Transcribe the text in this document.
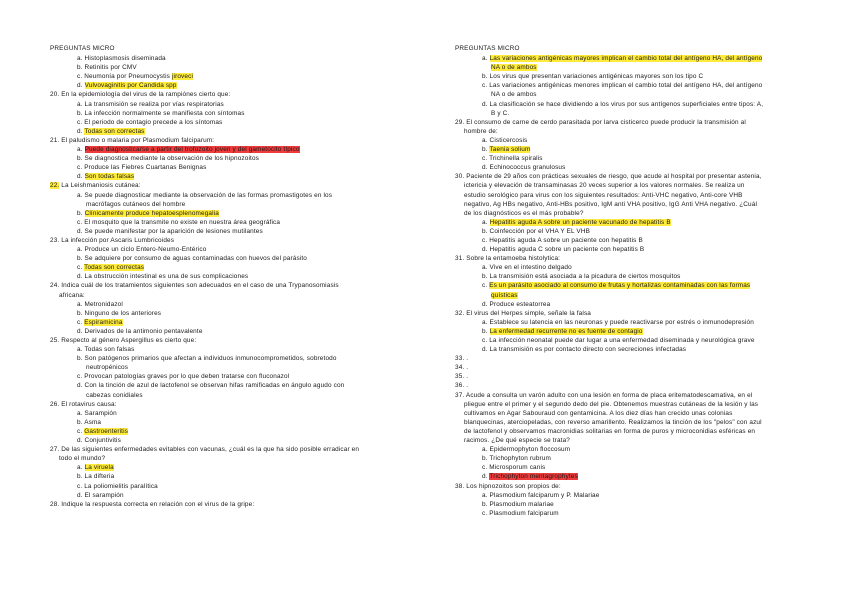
PREGUNTAS MICRO
a. Histoplasmosis diseminada
b. Retinitis por CMV
c. Neumonía por Pneumocystis jiroveci
d. Vulvovaginitis por Candida spp
20. En la epidemiología del virus de la rampiónes cierto que:
a. La transmisión se realiza por vías respiratorias
b. La infección normalmente se manifiesta con síntomas
c. El periodo de contagio precede a los síntomas
d. Todas son correctas
21. El paludismo o malaria por Plasmodium falciparum:
a. Puede diagnosticarse a partir del trofozoito joven y del gametocito típico
b. Se diagnostica mediante la observación de los hipnozoitos
c. Produce las Fiebres Cuartanas Benignas
d. Son todas falsas
22. La Leishmaniosis cutánea:
a. Se puede diagnosticar mediante la observación de las formas promastigotes en los
macrófagos cutáneos del hombre
b. Clínicamente produce hepatoesplenomegalia
c. El mosquito que la transmite no existe en nuestra área geográfica
d. Se puede manifestar por la aparición de lesiones mutilantes
23. La infección por Ascaris Lumbricoides
a. Produce un ciclo Entero-Neumo-Entérico
b. Se adquiere por consumo de aguas contaminadas con huevos del parásito
c. Todas son correctas
d. La obstrucción intestinal es una de sus complicaciones
24. Indica cuál de los tratamientos siguientes son adecuados en el caso de una Trypanosomiasis
africana:
a. Metronidazol
b. Ninguno de los anteriores
c. Espiramicina
d. Derivados de la antimonio pentavalente
25. Respecto al género Aspergillus es cierto que:
a. Todas son falsas
b. Son patógenos primarios que afectan a individuos inmunocomprometidos, sobretodo
neutropénicos
c. Provocan patologías graves por lo que deben tratarse con fluconazol
d. Con la tinción de azul de lactofenol se observan hifas ramificadas en ángulo agudo con
cabezas conidiales
26. El rotavirus causa:
a. Sarampión
b. Asma
c. Gastroenteritis
d. Conjuntivitis
27. De las siguientes enfermedades evitables con vacunas, ¿cuál es la que ha sido posible erradicar en
todo el mundo?
a. La viruela
b. La difteria
c. La poliomielitis paralítica
d. El sarampión
28. Indique la respuesta correcta en relación con el virus de la gripe:
PREGUNTAS MICRO
a. Las variaciones antigénicas mayores implican el cambio total del antígeno HA, del antígeno
NA o de ambos
b. Los virus que presentan variaciones antigénicas mayores son los tipo C
c. Las variaciones antigénicas menores implican el cambio total del antígeno HA, del antígeno
NA o de ambos
d. La clasificación se hace dividiendo a los virus por sus antígenos superficiales entre tipos: A,
B y C.
29. El consumo de carne de cerdo parasitada por larva cisticerco puede producir la transmisión al
hombre de:
a. Cisticercosis
b. Taenia solium
c. Trichinella spiralis
d. Echinococcus granulosus
30. Paciente de 29 años con prácticas sexuales de riesgo, que acude al hospital por presentar astenia,
ictericia y elevación de transaminasas 20 veces superior a los valores normales. Se realiza un
estudio serológico para virus con los siguientes resultados: Anti-VHC negativo, Anti-core VHB
negativo, Ag HBs negativo, Anti-HBs positivo, IgM anti VHA positivo, IgG Anti VHA negativo. ¿Cuál
de los diagnósticos es el más probable?
a. Hepatitis aguda A sobre un paciente vacunado de hepatitis B
b. Coinfección por el VHA Y EL VHB
c. Hepatitis aguda A sobre un paciente con hepatitis B
d. Hepatitis aguda C sobre un paciente con hepatitis B
31. Sobre la entamoeba histolytica:
a. Vive en el intestino delgado
b. La transmisión está asociada a la picadura de ciertos mosquitos
c. Es un parásito asociado al consumo de frutas y hortalizas contaminadas con las formas
quísticas
d. Produce esteatorrea
32. El virus del Herpes simple, señale la falsa
a. Establece su latencia en las neuronas y puede reactivarse por estrés o inmunodepresión
b. La enfermedad recurrente no es fuente de contagio
c. La infección neonatal puede dar lugar a una enfermedad diseminada y neurológica grave
d. La transmisión es por contacto directo con secreciones infectadas
33. .
34. .
35. .
36. .
37. Acude a consulta un varón adulto con una lesión en forma de placa eritematodescamativa, en el
pliegue entre el primer y el segundo dedo del pie. Obtenemos muestras cutáneas de la lesión y las
cultivamos en Agar Sabouraud con gentamicina. A los diez días han crecido unas colonias
blanquecinas, aterciopeladas, con reverso amarillento. Realizamos la tinción de los "pelos" con azul
de lactofenol y observamos macronidias solitarias en forma de puros y microconidias esféricas en
racimos. ¿De qué especie se trata?
a. Epidermophyton floccosum
b. Trichophyton rubrum
c. Microsporum canis
d. Trichophyton mentagrophytes
38. Los hipnozoitos son propios de:
a. Plasmodium falciparum y P. Malariae
b. Plasmodium malariae
c. Plasmodium falciparum
